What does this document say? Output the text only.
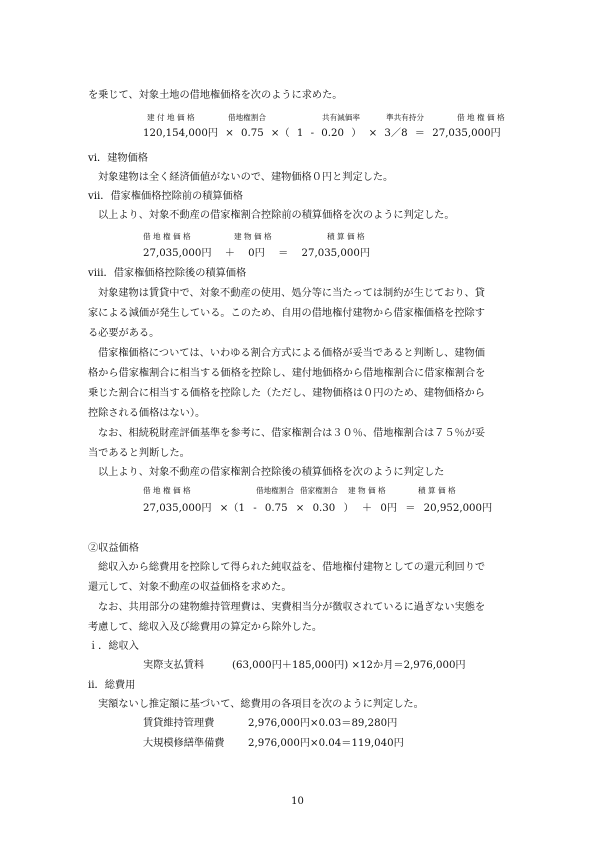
を乗じて、対象土地の借地権価格を次のように求めた。
建 付 地 価 格	借地権割合	共有減価率	準共有持分	借 地 権 価 格
120,154,000円 × 0.75 ×（ 1 - 0.20 ） × 3／8 ＝ 27,035,000円
ⅵ．建物価格
対象建物は全く経済価値がないので、建物価格０円と判定した。
ⅶ．借家権価格控除前の積算価格
以上より、対象不動産の借家権割合控除前の積算価格を次のように判定した。
借 地 権 価 格	建 物 価 格	積 算 価 格
27,035,000円 ＋ 0円 ＝ 27,035,000円
ⅷ．借家権価格控除後の積算価格
対象建物は賃貸中で、対象不動産の使用、処分等に当たっては制約が生じており、貸
家による減価が発生している。このため、自用の借地権付建物から借家権価格を控除す
る必要がある。
借家権価格については、いわゆる割合方式による価格が妥当であると判断し、建物価
格から借家権割合に相当する価格を控除し、建付地価格から借地権割合に借家権割合を
乗じた割合に相当する価格を控除した（ただし、建物価格は０円のため、建物価格から
控除される価格はない）。
なお、相続税財産評価基準を参考に、借家権割合は３０％、借地権割合は７５％が妥
当であると判断した。
以上より、対象不動産の借家権割合控除後の積算価格を次のように判定した
借 地 権 価 格	借地権割合 借家権割合 建 物 価 格	積 算 価 格
27,035,000円 ×（1 - 0.75 × 0.30 ） ＋ 0円 ＝ 20,952,000円
②収益価格
総収入から総費用を控除して得られた純収益を、借地権付建物としての還元利回りで
還元して、対象不動産の収益価格を求めた。
なお、共用部分の建物維持管理費は、実費相当分が徴収されているに過ぎない実態を
考慮して、総収入及び総費用の算定から除外した。
ｉ．総収入
実際支払賃料	(63,000円＋185,000円) ×12か月＝2,976,000円
ⅱ．総費用
実額ないし推定額に基づいて、総費用の各項目を次のように判定した。
賃貸維持管理費	2,976,000円×0.03＝89,280円
大規模修繕準備費 2,976,000円×0.04＝119,040円
10
